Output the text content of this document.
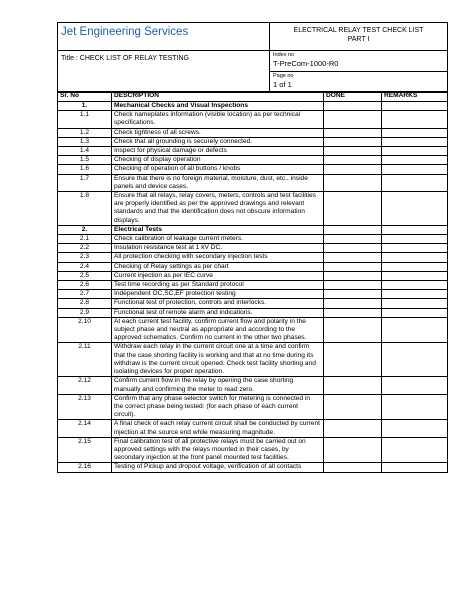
Jet Engineering Services	ELECTRICAL RELAY TEST CHECK LIST
PART I
Title : CHECK LIST OF RELAY TESTING	Index no
T-PreCom-1000-R0

	Page no
1 of 1
Sr. No	DESCRIPTION	DONE	REMARKS
1.	Mechanical Checks and Visual Inspections		
1.1	Check nameplates information (visible location) as per technical specifications.		
1.2	Check tightness of all screws.		
1.3	Check that all grounding is securely connected.		
1.4	Inspect for physical damage or defects		
1.5	Checking of display operation		
1.6	Checking of operation of all buttons / knobs		
1.7	Ensure that there is no foreign material, moisture, dust, etc., inside panels and device cases.		
1.8	Ensure that all relays, relay covers, meters, controls and test facilities are properly identified as per the approved drawings and relevant standards and that the identification does not obscure information displays.		
2.	Electrical Tests		
2.1	Check calibration of leakage current meters.		
2.2	Insulation resistance test at 1 kV DC.		
2.3	All protection checking with secondary injection tests		
2.4	Checking of Relay settings as per chart		
2.5	Current injection as per IEC curve		
2.6	Test time recording as per Standard protocol		
2.7	Independent OC,SC,EF protection testing		
2.8	Functional test of protection, controls and interlocks.		
2.9	Functional test of remote alarm and indications.		
2.10	At each current test facility, confirm current flow and polarity in the subject phase and neutral as appropriate and according to the approved schematics. Confirm no current in the other two phases.		
2.11	Withdraw each relay in the current circuit one at a time and confirm that the case shorting facility is working and that at no time during its withdraw is the current circuit opened. Check test facility shorting and isolating devices for proper operation.		
2.12	Confirm current flow in the relay by opening the case shorting manually and confirming the meter to read zero.		
2.13	Confirm that any phase selector switch for metering is connected in the correct phase being tested: (for each phase of each current circuit).		
2.14	A final check of each relay current circuit shall be conducted by current injection at the source end while measuring magnitude.		
2.15	Final calibration test of all protective relays must be carried out on approved settings with the relays mounted in their cases, by secondary injection at the front panel mounted test facilities.		
2.16	Testing of Pickup and dropout voltage, verification of all contacts		
